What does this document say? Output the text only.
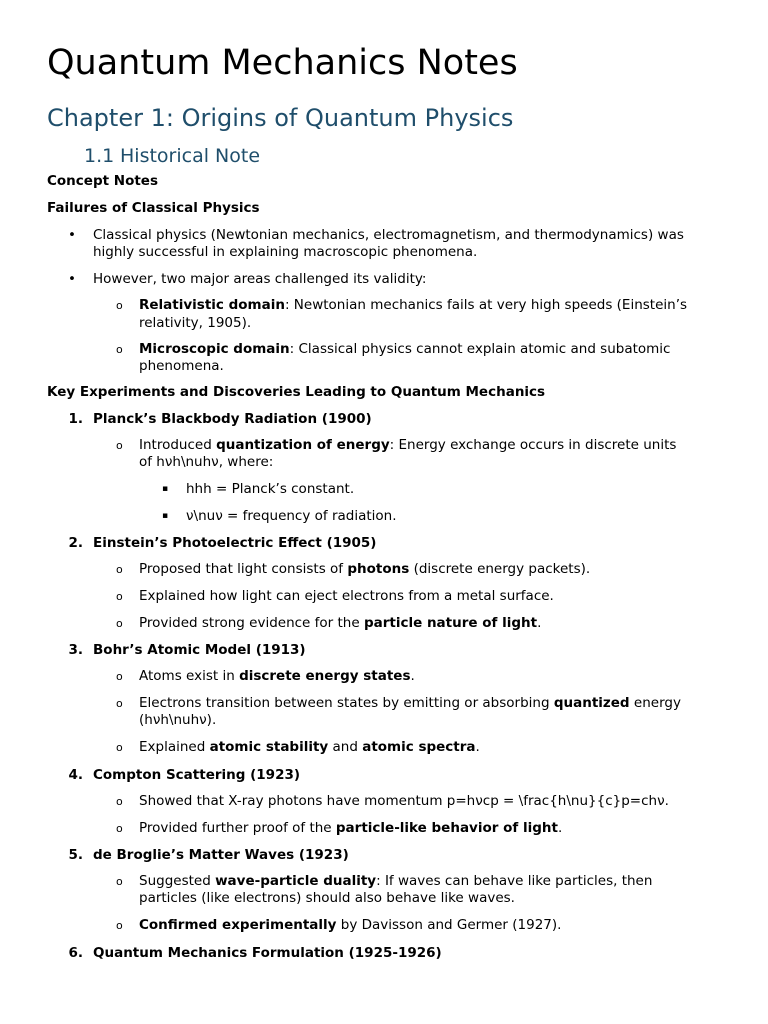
Quantum Mechanics Notes
Chapter 1: Origins of Quantum Physics
1.1 Historical Note
Concept Notes
Failures of Classical Physics
• Classical physics (Newtonian mechanics, electromagnetism, and thermodynamics) was
highly successful in explaining macroscopic phenomena.
• However, two major areas challenged its validity:
o Relativistic domain: Newtonian mechanics fails at very high speeds (Einstein’s
relativity, 1905).
o Microscopic domain: Classical physics cannot explain atomic and subatomic
phenomena.
Key Experiments and Discoveries Leading to Quantum Mechanics
1. Planck’s Blackbody Radiation (1900)
o Introduced quantization of energy: Energy exchange occurs in discrete units
of hνh\nuhν, where:
▪ hhh = Planck’s constant.
▪ ν\nuν = frequency of radiation.
2. Einstein’s Photoelectric Effect (1905)
o Proposed that light consists of photons (discrete energy packets).
o Explained how light can eject electrons from a metal surface.
o Provided strong evidence for the particle nature of light.
3. Bohr’s Atomic Model (1913)
o Atoms exist in discrete energy states.
o Electrons transition between states by emitting or absorbing quantized energy
(hνh\nuhν).
o Explained atomic stability and atomic spectra.
4. Compton Scattering (1923)
o Showed that X-ray photons have momentum p=hνcp = \frac{h\nu}{c}p=chν.
o Provided further proof of the particle-like behavior of light.
5. de Broglie’s Matter Waves (1923)
o Suggested wave-particle duality: If waves can behave like particles, then
particles (like electrons) should also behave like waves.
o Confirmed experimentally by Davisson and Germer (1927).
6. Quantum Mechanics Formulation (1925-1926)
